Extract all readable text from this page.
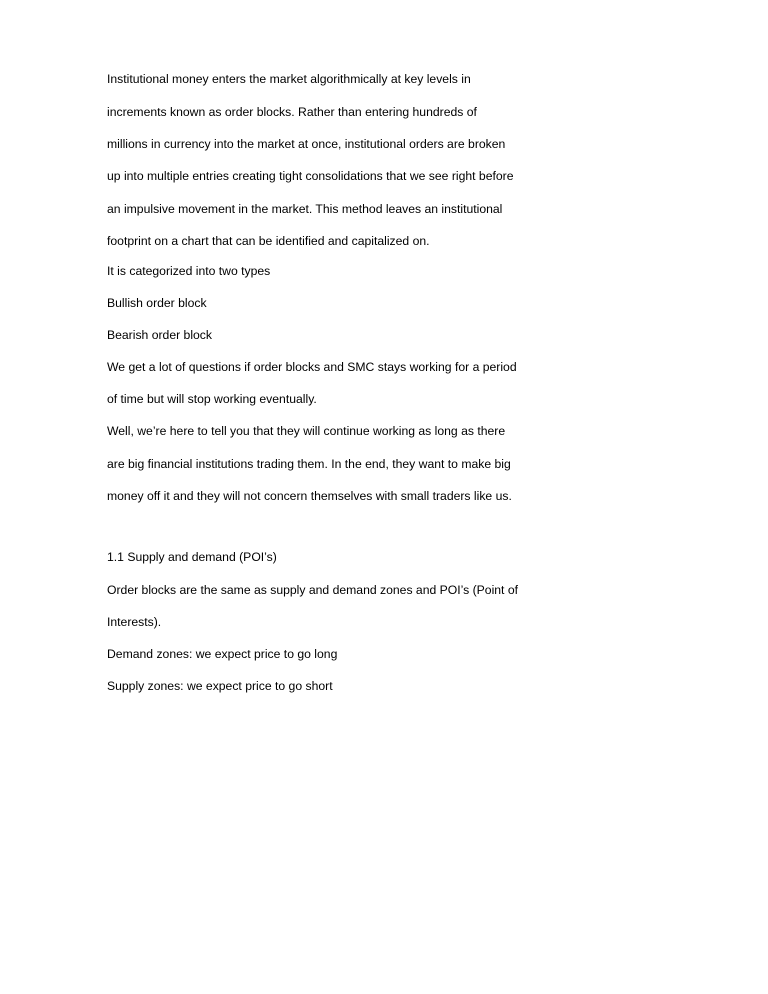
Institutional money enters the market algorithmically at key levels in

increments known as order blocks. Rather than entering hundreds of

millions in currency into the market at once, institutional orders are broken

up into multiple entries creating tight consolidations that we see right before

an impulsive movement in the market. This method leaves an institutional

footprint on a chart that can be identified and capitalized on.

It is categorized into two types

Bullish order block

Bearish order block

We get a lot of questions if order blocks and SMC stays working for a period

of time but will stop working eventually.

Well, we’re here to tell you that they will continue working as long as there

are big financial institutions trading them. In the end, they want to make big

money off it and they will not concern themselves with small traders like us.

1.1 Supply and demand (POI’s)

Order blocks are the same as supply and demand zones and POI’s (Point of

Interests).

Demand zones: we expect price to go long

Supply zones: we expect price to go short
